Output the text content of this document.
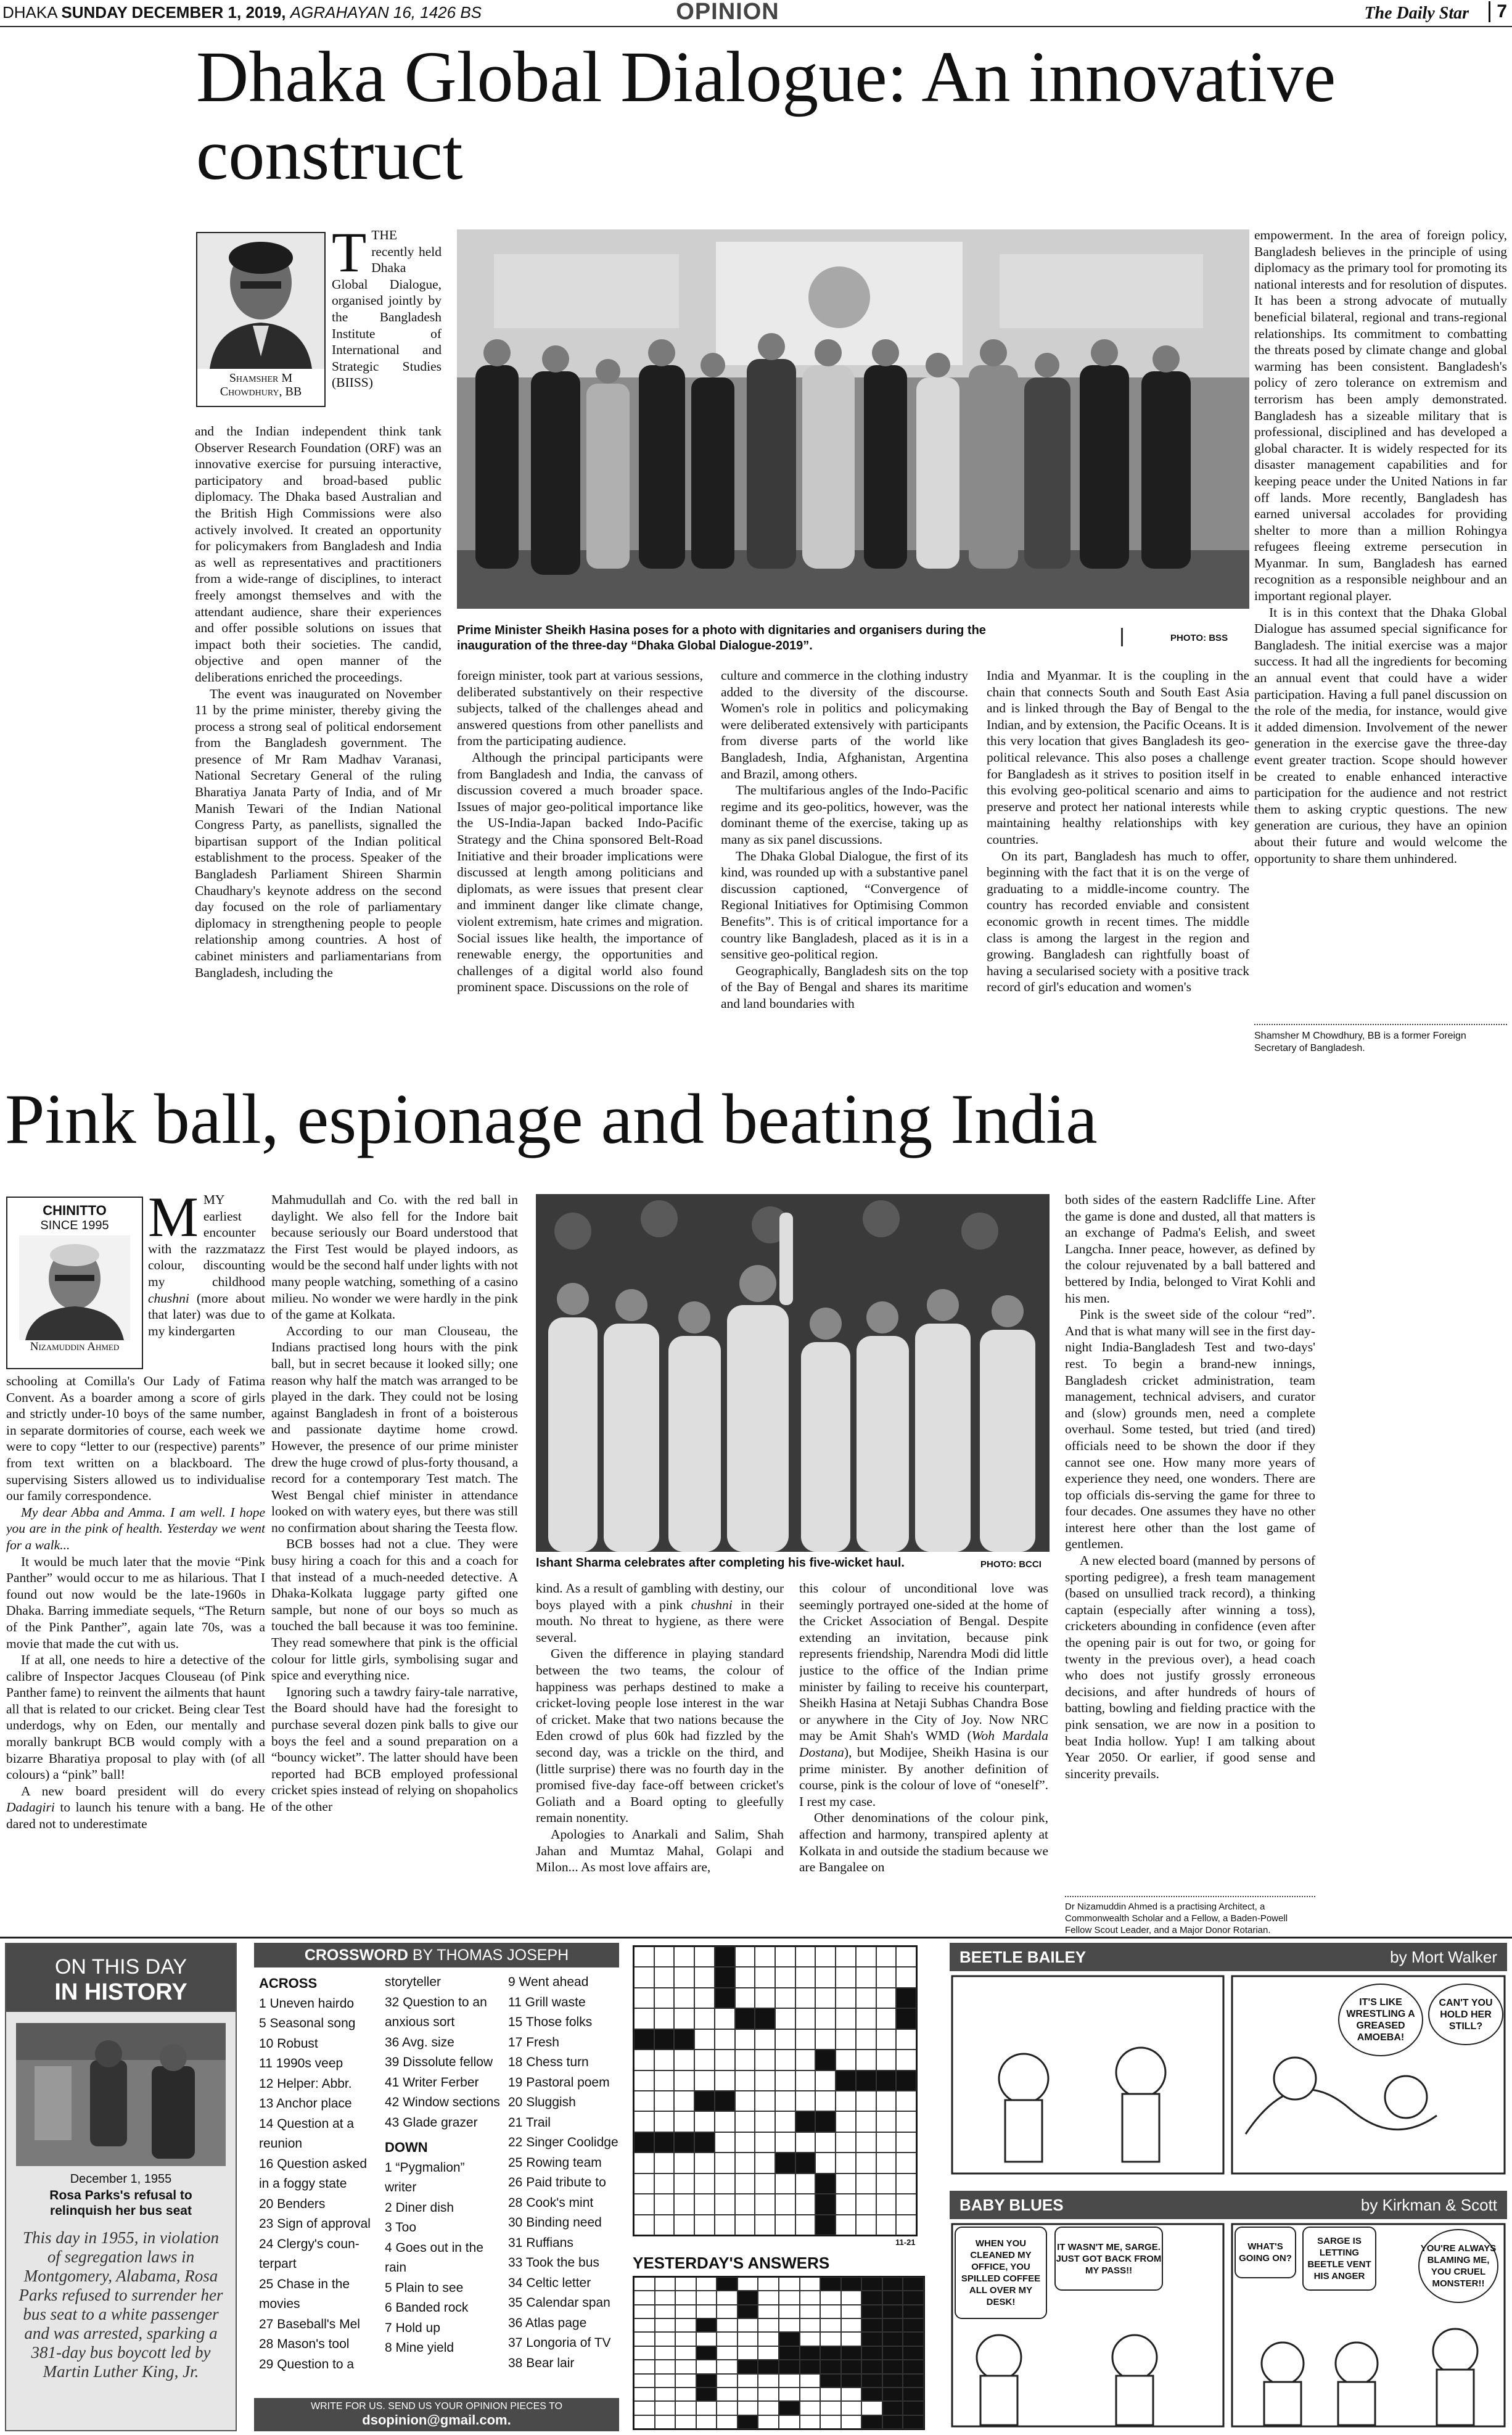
DHAKA SUNDAY DECEMBER 1, 2019, AGRAHAYAN 16, 1426 BS	OPINION	The Daily Star	7
Dhaka Global Dialogue: An innovative construct
Shamsher M Chowdhury, BB

TTHE recently held Dhaka Global Dialogue, organised jointly by the Bangladesh Institute of International and Strategic Studies (BIISS)

and the Indian independent think tank Observer Research Foundation (ORF) was an innovative exercise for pursuing interactive, participatory and broad-based public diplomacy. The Dhaka based Australian and the British High Commissions were also actively involved. It created an opportunity for policymakers from Bangladesh and India as well as representatives and practitioners from a wide-range of disciplines, to interact freely amongst themselves and with the attendant audience, share their experiences and offer possible solutions on issues that impact both their societies. The candid, objective and open manner of the deliberations enriched the proceedings.

The event was inaugurated on November 11 by the prime minister, thereby giving the process a strong seal of political endorsement from the Bangladesh government. The presence of Mr Ram Madhav Varanasi, National Secretary General of the ruling Bharatiya Janata Party of India, and of Mr Manish Tewari of the Indian National Congress Party, as panellists, signalled the bipartisan support of the Indian political establishment to the process. Speaker of the Bangladesh Parliament Shireen Sharmin Chaudhary's keynote address on the second day focused on the role of parliamentary diplomacy in strengthening people to people relationship among countries. A host of cabinet ministers and parliamentarians from Bangladesh, including the

Prime Minister Sheikh Hasina poses for a photo with dignitaries and organisers during the inauguration of the three-day “Dhaka Global Dialogue-2019”.
PHOTO: BSS

foreign minister, took part at various sessions, deliberated substantively on their respective subjects, talked of the challenges ahead and answered questions from other panellists and from the participating audience.

Although the principal participants were from Bangladesh and India, the canvass of discussion covered a much broader space. Issues of major geo-political importance like the US-India-Japan backed Indo-Pacific Strategy and the China sponsored Belt-Road Initiative and their broader implications were discussed at length among politicians and diplomats, as were issues that present clear and imminent danger like climate change, violent extremism, hate crimes and migration. Social issues like health, the importance of renewable energy, the opportunities and challenges of a digital world also found prominent space. Discussions on the role of

culture and commerce in the clothing industry added to the diversity of the discourse. Women's role in politics and policymaking were deliberated extensively with participants from diverse parts of the world like Bangladesh, India, Afghanistan, Argentina and Brazil, among others.

The multifarious angles of the Indo-Pacific regime and its geo-politics, however, was the dominant theme of the exercise, taking up as many as six panel discussions.

The Dhaka Global Dialogue, the first of its kind, was rounded up with a substantive panel discussion captioned, “Convergence of Regional Initiatives for Optimising Common Benefits”. This is of critical importance for a country like Bangladesh, placed as it is in a sensitive geo-political region.

Geographically, Bangladesh sits on the top of the Bay of Bengal and shares its maritime and land boundaries with

India and Myanmar. It is the coupling in the chain that connects South and South East Asia and is linked through the Bay of Bengal to the Indian, and by extension, the Pacific Oceans. It is this very location that gives Bangladesh its geo-political relevance. This also poses a challenge for Bangladesh as it strives to position itself in this evolving geo-political scenario and aims to preserve and protect her national interests while maintaining healthy relationships with key countries.

On its part, Bangladesh has much to offer, beginning with the fact that it is on the verge of graduating to a middle-income country. The country has recorded enviable and consistent economic growth in recent times. The middle class is among the largest in the region and growing. Bangladesh can rightfully boast of having a secularised society with a positive track record of girl's education and women's

empowerment. In the area of foreign policy, Bangladesh believes in the principle of using diplomacy as the primary tool for promoting its national interests and for resolution of disputes. It has been a strong advocate of mutually beneficial bilateral, regional and trans-regional relationships. Its commitment to combatting the threats posed by climate change and global warming has been consistent. Bangladesh's policy of zero tolerance on extremism and terrorism has been amply demonstrated. Bangladesh has a sizeable military that is professional, disciplined and has developed a global character. It is widely respected for its disaster management capabilities and for keeping peace under the United Nations in far off lands. More recently, Bangladesh has earned universal accolades for providing shelter to more than a million Rohingya refugees fleeing extreme persecution in Myanmar. In sum, Bangladesh has earned recognition as a responsible neighbour and an important regional player.

It is in this context that the Dhaka Global Dialogue has assumed special significance for Bangladesh. The initial exercise was a major success. It had all the ingredients for becoming an annual event that could have a wider participation. Having a full panel discussion on the role of the media, for instance, would give it added dimension. Involvement of the newer generation in the exercise gave the three-day event greater traction. Scope should however be created to enable enhanced interactive participation for the audience and not restrict them to asking cryptic questions. The new generation are curious, they have an opinion about their future and would welcome the opportunity to share them unhindered.

Shamsher M Chowdhury, BB is a former Foreign Secretary of Bangladesh.
Pink ball, espionage and beating India
CHINITTO
SINCE 1995
Nizamuddin Ahmed

MMY earliest encounter with the razzmatazz colour, discounting my childhood chushni (more about that later) was due to my kindergarten

schooling at Comilla's Our Lady of Fatima Convent. As a boarder among a score of girls and strictly under-10 boys of the same number, in separate dormitories of course, each week we were to copy “letter to our (respective) parents” from text written on a blackboard. The supervising Sisters allowed us to individualise our family correspondence.

My dear Abba and Amma. I am well. I hope you are in the pink of health. Yesterday we went for a walk...

It would be much later that the movie “Pink Panther” would occur to me as hilarious. That I found out now would be the late-1960s in Dhaka. Barring immediate sequels, “The Return of the Pink Panther”, again late 70s, was a movie that made the cut with us.

If at all, one needs to hire a detective of the calibre of Inspector Jacques Clouseau (of Pink Panther fame) to reinvent the ailments that haunt all that is related to our cricket. Being clear Test underdogs, why on Eden, our mentally and morally bankrupt BCB would comply with a bizarre Bharatiya proposal to play with (of all colours) a “pink” ball!

A new board president will do every Dadagiri to launch his tenure with a bang. He dared not to underestimate

Mahmudullah and Co. with the red ball in daylight. We also fell for the Indore bait because seriously our Board understood that the First Test would be played indoors, as would be the second half under lights with not many people watching, something of a casino milieu. No wonder we were hardly in the pink of the game at Kolkata.

According to our man Clouseau, the Indians practised long hours with the pink ball, but in secret because it looked silly; one reason why half the match was arranged to be played in the dark. They could not be losing against Bangladesh in front of a boisterous and passionate daytime home crowd. However, the presence of our prime minister drew the huge crowd of plus-forty thousand, a record for a contemporary Test match. The West Bengal chief minister in attendance looked on with watery eyes, but there was still no confirmation about sharing the Teesta flow.

BCB bosses had not a clue. They were busy hiring a coach for this and a coach for that instead of a much-needed detective. A Dhaka-Kolkata luggage party gifted one sample, but none of our boys so much as touched the ball because it was too feminine. They read somewhere that pink is the official colour for little girls, symbolising sugar and spice and everything nice.

Ignoring such a tawdry fairy-tale narrative, the Board should have had the foresight to purchase several dozen pink balls to give our boys the feel and a sound preparation on a “bouncy wicket”. The latter should have been reported had BCB employed professional cricket spies instead of relying on shopaholics of the other

Ishant Sharma celebrates after completing his five-wicket haul.	PHOTO: BCCI

kind. As a result of gambling with destiny, our boys played with a pink chushni in their mouth. No threat to hygiene, as there were several.

Given the difference in playing standard between the two teams, the colour of happiness was perhaps destined to make a cricket-loving people lose interest in the war of cricket. Make that two nations because the Eden crowd of plus 60k had fizzled by the second day, was a trickle on the third, and (little surprise) there was no fourth day in the promised five-day face-off between cricket's Goliath and a Board opting to gleefully remain nonentity.

Apologies to Anarkali and Salim, Shah Jahan and Mumtaz Mahal, Golapi and Milon... As most love affairs are,

this colour of unconditional love was seemingly portrayed one-sided at the home of the Cricket Association of Bengal. Despite extending an invitation, because pink represents friendship, Narendra Modi did little justice to the office of the Indian prime minister by failing to receive his counterpart, Sheikh Hasina at Netaji Subhas Chandra Bose or anywhere in the City of Joy. Now NRC may be Amit Shah's WMD (Woh Mardala Dostana), but Modijee, Sheikh Hasina is our prime minister. By another definition of course, pink is the colour of love of “oneself”. I rest my case.

Other denominations of the colour pink, affection and harmony, transpired aplenty at Kolkata in and outside the stadium because we are Bangalee on

both sides of the eastern Radcliffe Line. After the game is done and dusted, all that matters is an exchange of Padma's Eelish, and sweet Langcha. Inner peace, however, as defined by the colour rejuvenated by a ball battered and bettered by India, belonged to Virat Kohli and his men.

Pink is the sweet side of the colour “red”. And that is what many will see in the first day-night India-Bangladesh Test and two-days' rest. To begin a brand-new innings, Bangladesh cricket administration, team management, technical advisers, and curator and (slow) grounds men, need a complete overhaul. Some tested, but tried (and tired) officials need to be shown the door if they cannot see one. How many more years of experience they need, one wonders. There are top officials dis-serving the game for three to four decades. One assumes they have no other interest here other than the lost game of gentlemen.

A new elected board (manned by persons of sporting pedigree), a fresh team management (based on unsullied track record), a thinking captain (especially after winning a toss), cricketers abounding in confidence (even after the opening pair is out for two, or going for twenty in the previous over), a head coach who does not justify grossly erroneous decisions, and after hundreds of hours of batting, bowling and fielding practice with the pink sensation, we are now in a position to beat India hollow. Yup! I am talking about Year 2050. Or earlier, if good sense and sincerity prevails.

Dr Nizamuddin Ahmed is a practising Architect, a Commonwealth Scholar and a Fellow, a Baden-Powell Fellow Scout Leader, and a Major Donor Rotarian.
ON THIS DAY
IN HISTORY
December 1, 1955
Rosa Parks's refusal to relinquish her bus seat
This day in 1955, in violation of segregation laws in Montgomery, Alabama, Rosa Parks refused to surrender her bus seat to a white passenger and was arrested, sparking a 381-day bus boycott led by Martin Luther King, Jr.
CROSSWORD BY THOMAS JOSEPH
ACROSS
1 Uneven hairdo
5 Seasonal song
10 Robust
11 1990s veep
12 Helper: Abbr.
13 Anchor place
14 Question at a
reunion
16 Question asked
in a foggy state
20 Benders
23 Sign of approval
24 Clergy's coun-
terpart
25 Chase in the
movies
27 Baseball's Mel
28 Mason's tool
29 Question to a
storyteller
32 Question to an
anxious sort
36 Avg. size
39 Dissolute fellow
41 Writer Ferber
42 Window sections
43 Glade grazer
DOWN
1 “Pygmalion”
writer
2 Diner dish
3 Too
4 Goes out in the
rain
5 Plain to see
6 Banded rock
7 Hold up
8 Mine yield
9 Went ahead
11 Grill waste
15 Those folks
17 Fresh
18 Chess turn
19 Pastoral poem
20 Sluggish
21 Trail
22 Singer Coolidge
25 Rowing team
26 Paid tribute to
28 Cook's mint
30 Binding need
31 Ruffians
33 Took the bus
34 Celtic letter
35 Calendar span
36 Atlas page
37 Longoria of TV
38 Bear lair
11-21
YESTERDAY'S ANSWERS
WRITE FOR US. SEND US YOUR OPINION PIECES TO
dsopinion@gmail.com.
BEETLE BAILEY	by Mort Walker
IT'S LIKE WRESTLING A GREASED AMOEBA!
CAN'T YOU HOLD HER STILL?
BABY BLUES	by Kirkman & Scott
WHEN YOU CLEANED MY OFFICE, YOU SPILLED COFFEE ALL OVER MY DESK!
IT WASN'T ME, SARGE. JUST GOT BACK FROM MY PASS!!
WHAT'S GOING ON?
SARGE IS LETTING BEETLE VENT HIS ANGER
YOU'RE ALWAYS BLAMING ME, YOU CRUEL MONSTER!!
